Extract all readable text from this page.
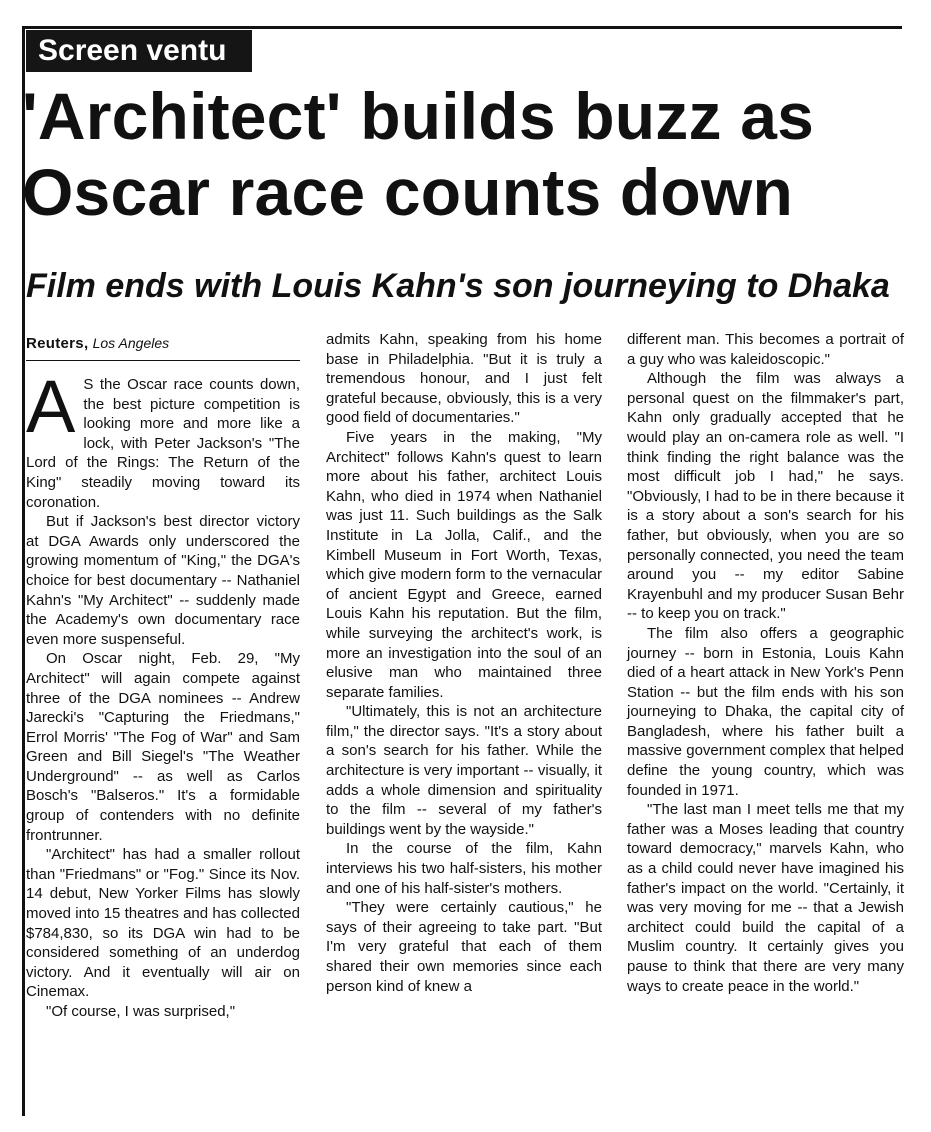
Screen ventu
'Architect' builds buzz as Oscar race counts down
Film ends with Louis Kahn's son journeying to Dhaka
Reuters, Los Angeles

A S the Oscar race counts down, the best picture competition is looking more and more like a lock, with Peter Jackson's "The Lord of the Rings: The Return of the King" steadily moving toward its coronation.

But if Jackson's best director victory at DGA Awards only underscored the growing momentum of "King," the DGA's choice for best documentary -- Nathaniel Kahn's "My Architect" -- suddenly made the Academy's own documentary race even more suspenseful.

On Oscar night, Feb. 29, "My Architect" will again compete against three of the DGA nominees -- Andrew Jarecki's "Capturing the Friedmans," Errol Morris' "The Fog of War" and Sam Green and Bill Siegel's "The Weather Underground" -- as well as Carlos Bosch's "Balseros." It's a formidable group of contenders with no definite frontrunner.

"Architect" has had a smaller rollout than "Friedmans" or "Fog." Since its Nov. 14 debut, New Yorker Films has slowly moved into 15 theatres and has collected $784,830, so its DGA win had to be considered something of an underdog victory. And it eventually will air on Cinemax.

"Of course, I was surprised,"

admits Kahn, speaking from his home base in Philadelphia. "But it is truly a tremendous honour, and I just felt grateful because, obviously, this is a very good field of documentaries."

Five years in the making, "My Architect" follows Kahn's quest to learn more about his father, architect Louis Kahn, who died in 1974 when Nathaniel was just 11. Such buildings as the Salk Institute in La Jolla, Calif., and the Kimbell Museum in Fort Worth, Texas, which give modern form to the vernacular of ancient Egypt and Greece, earned Louis Kahn his reputation. But the film, while surveying the architect's work, is more an investigation into the soul of an elusive man who maintained three separate families.

"Ultimately, this is not an architecture film," the director says. "It's a story about a son's search for his father. While the architecture is very important -- visually, it adds a whole dimension and spirituality to the film -- several of my father's buildings went by the wayside."

In the course of the film, Kahn interviews his two half-sisters, his mother and one of his half-sister's mothers.

"They were certainly cautious," he says of their agreeing to take part. "But I'm very grateful that each of them shared their own memories since each person kind of knew a

different man. This becomes a portrait of a guy who was kaleidoscopic."

Although the film was always a personal quest on the filmmaker's part, Kahn only gradually accepted that he would play an on-camera role as well. "I think finding the right balance was the most difficult job I had," he says. "Obviously, I had to be in there because it is a story about a son's search for his father, but obviously, when you are so personally connected, you need the team around you -- my editor Sabine Krayenbuhl and my producer Susan Behr -- to keep you on track."

The film also offers a geographic journey -- born in Estonia, Louis Kahn died of a heart attack in New York's Penn Station -- but the film ends with his son journeying to Dhaka, the capital city of Bangladesh, where his father built a massive government complex that helped define the young country, which was founded in 1971.

"The last man I meet tells me that my father was a Moses leading that country toward democracy," marvels Kahn, who as a child could never have imagined his father's impact on the world. "Certainly, it was very moving for me -- that a Jewish architect could build the capital of a Muslim country. It certainly gives you pause to think that there are very many ways to create peace in the world."
